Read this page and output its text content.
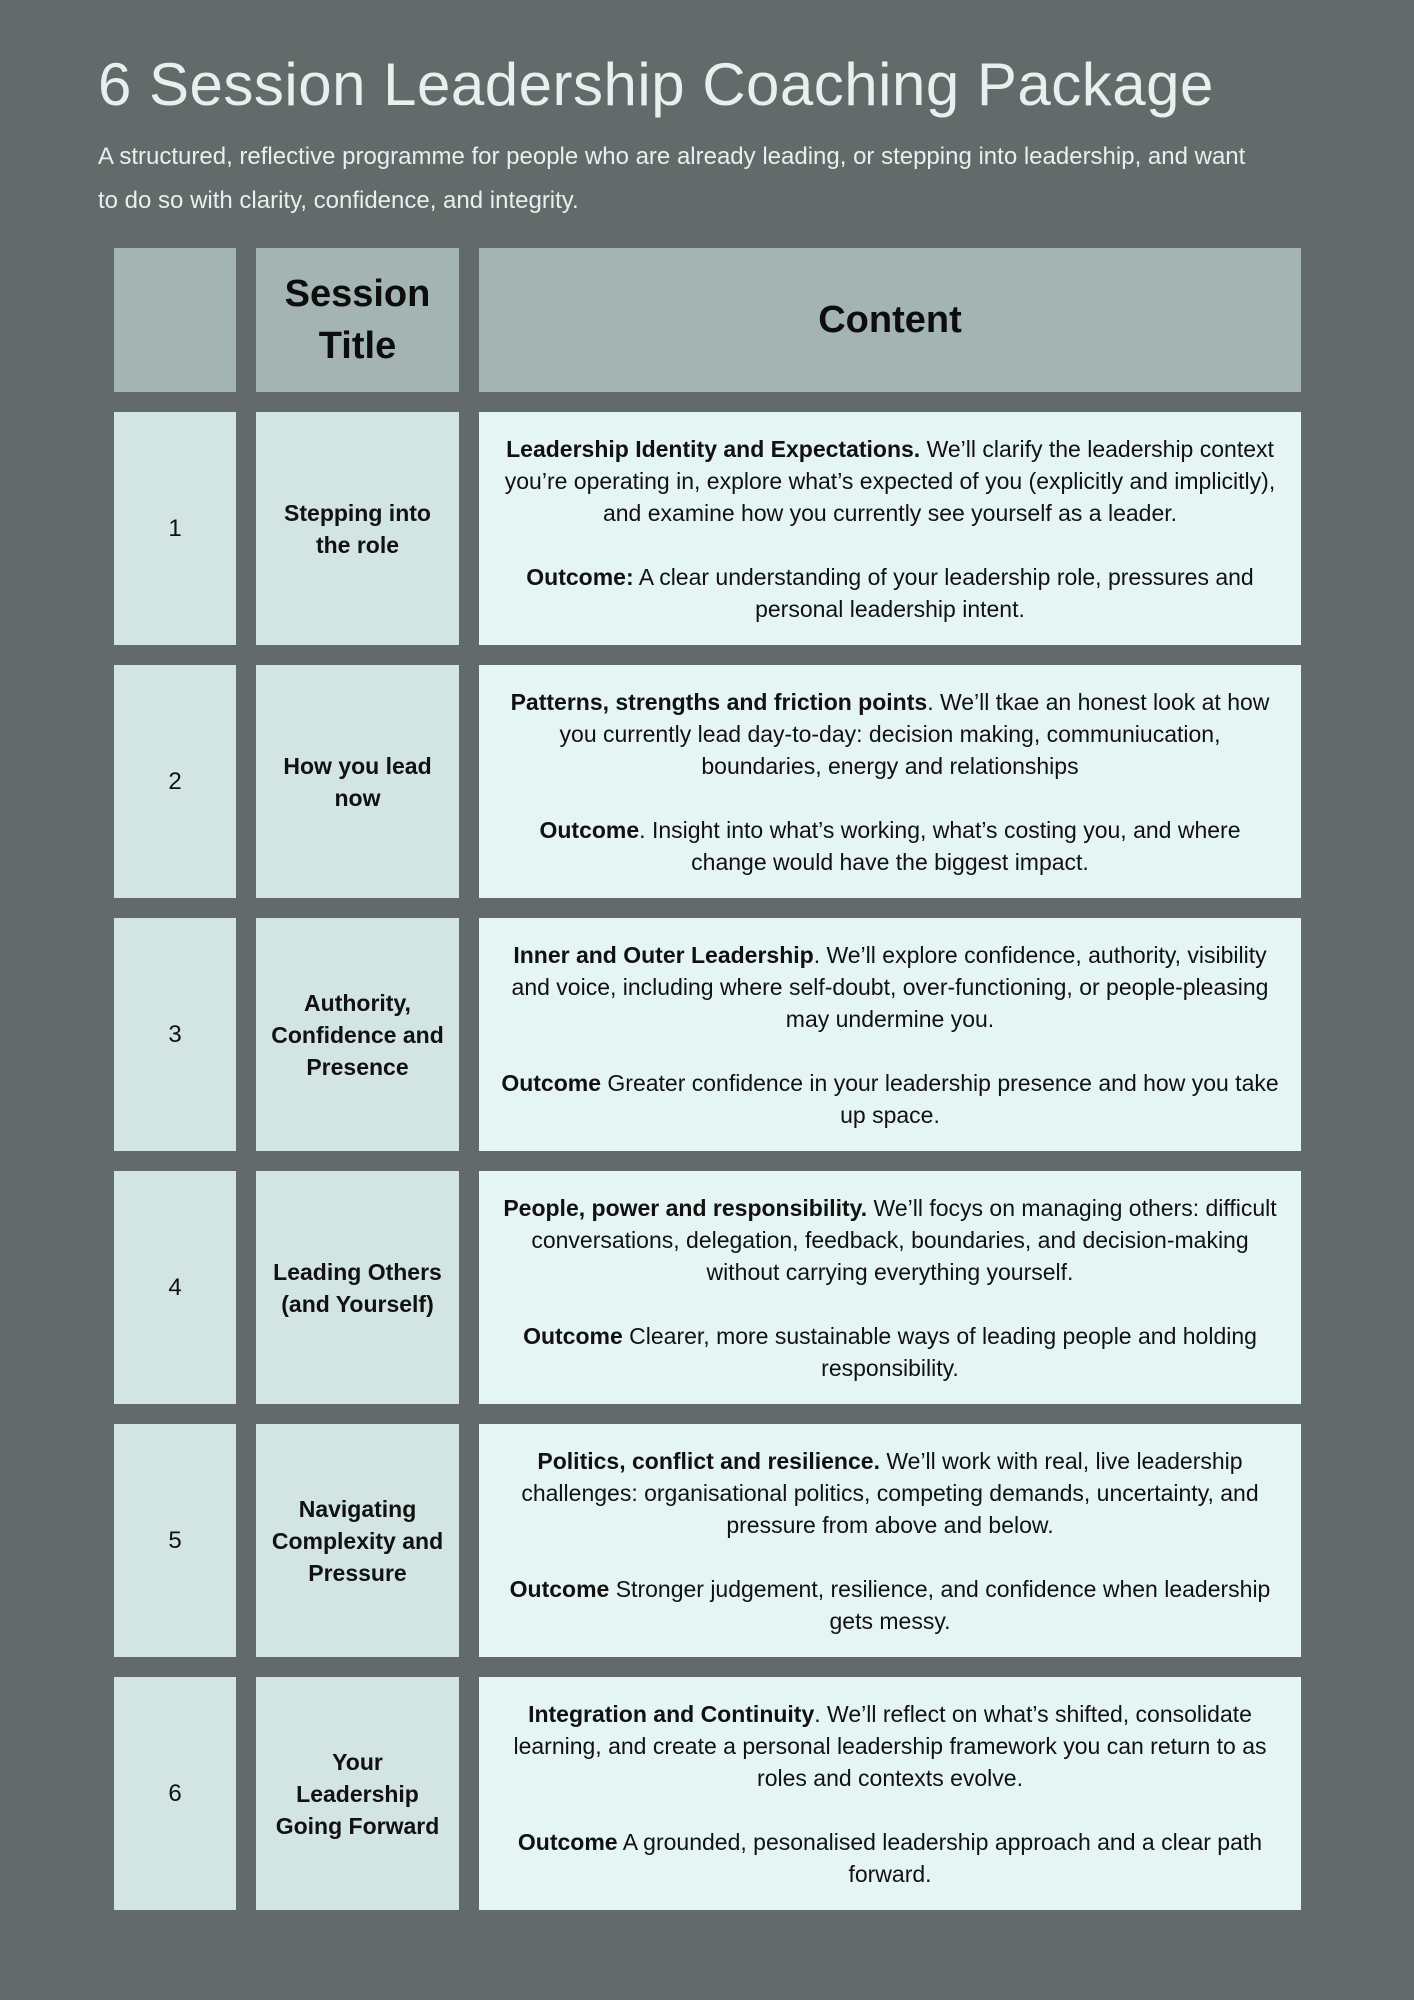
6 Session Leadership Coaching Package

A structured, reflective programme for people who are already leading, or stepping into leadership, and want to do so with clarity, confidence, and integrity.

Session Title
Content
1
Stepping into the role

Leadership Identity and Expectations. We’ll clarify the leadership context you’re operating in, explore what’s expected of you (explicitly and implicitly), and examine how you currently see yourself as a leader.

Outcome: A clear understanding of your leadership role, pressures and personal leadership intent.

2
How you lead now

Patterns, strengths and friction points. We’ll tkae an honest look at how you currently lead day-to-day: decision making, communiucation, boundaries, energy and relationships

Outcome. Insight into what’s working, what’s costing you, and where change would have the biggest impact.

3
Authority, Confidence and Presence

Inner and Outer Leadership. We’ll explore confidence, authority, visibility and voice, including where self-doubt, over-functioning, or people-pleasing may undermine you.

Outcome Greater confidence in your leadership presence and how you take up space.

4
Leading Others (and Yourself)

People, power and responsibility. We’ll focys on managing others: difficult conversations, delegation, feedback, boundaries, and decision-making without carrying everything yourself.

Outcome Clearer, more sustainable ways of leading people and holding responsibility.

5
Navigating Complexity and Pressure

Politics, conflict and resilience. We’ll work with real, live leadership challenges: organisational politics, competing demands, uncertainty, and pressure from above and below.

Outcome Stronger judgement, resilience, and confidence when leadership gets messy.

6
Your Leadership Going Forward

Integration and Continuity. We’ll reflect on what’s shifted, consolidate learning, and create a personal leadership framework you can return to as roles and contexts evolve.

Outcome A grounded, pesonalised leadership approach and a clear path forward.
